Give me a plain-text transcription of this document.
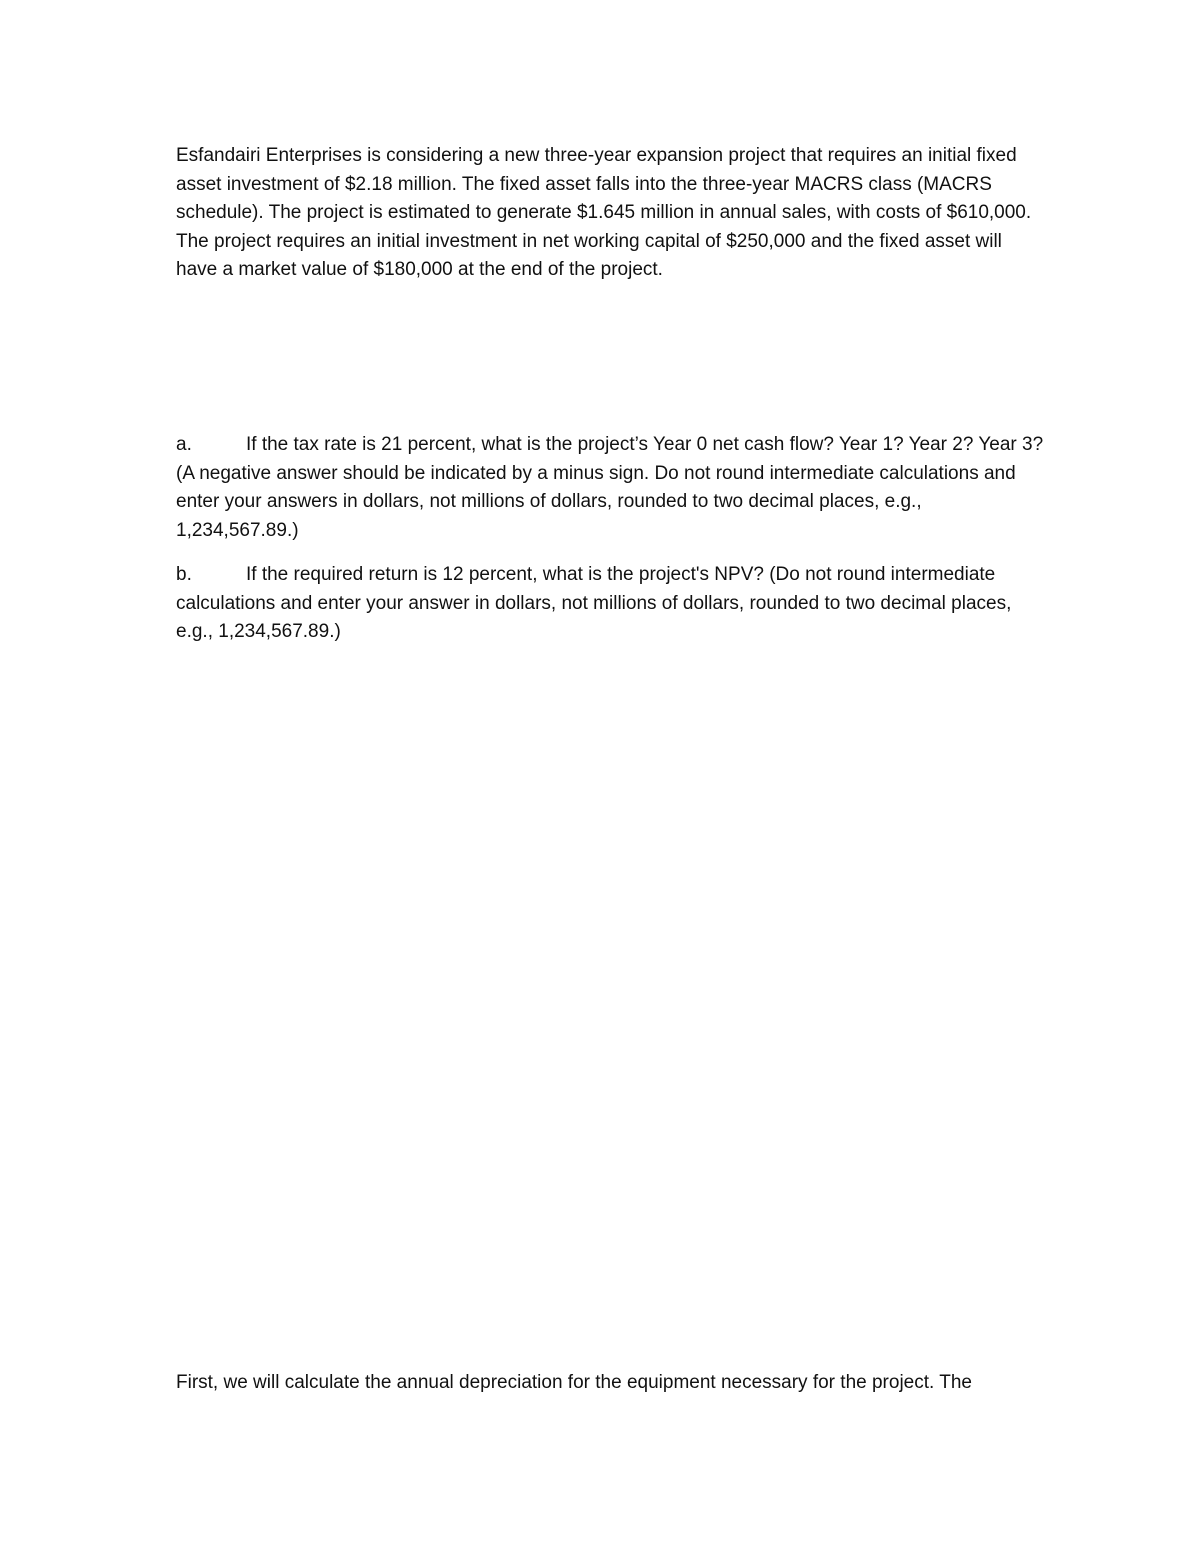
Esfandairi Enterprises is considering a new three-year expansion project that requires an initial fixed asset investment of $2.18 million. The fixed asset falls into the three-year MACRS class (MACRS schedule). The project is estimated to generate $1.645 million in annual sales, with costs of $610,000. The project requires an initial investment in net working capital of $250,000 and the fixed asset will have a market value of $180,000 at the end of the project.

a.	If the tax rate is 21 percent, what is the project’s Year 0 net cash flow? Year 1? Year 2? Year 3? (A negative answer should be indicated by a minus sign. Do not round intermediate calculations and enter your answers in dollars, not millions of dollars, rounded to two decimal places, e.g., 1,234,567.89.)

b.	If the required return is 12 percent, what is the project's NPV? (Do not round intermediate calculations and enter your answer in dollars, not millions of dollars, rounded to two decimal places, e.g., 1,234,567.89.)

First, we will calculate the annual depreciation for the equipment necessary for the project. The
